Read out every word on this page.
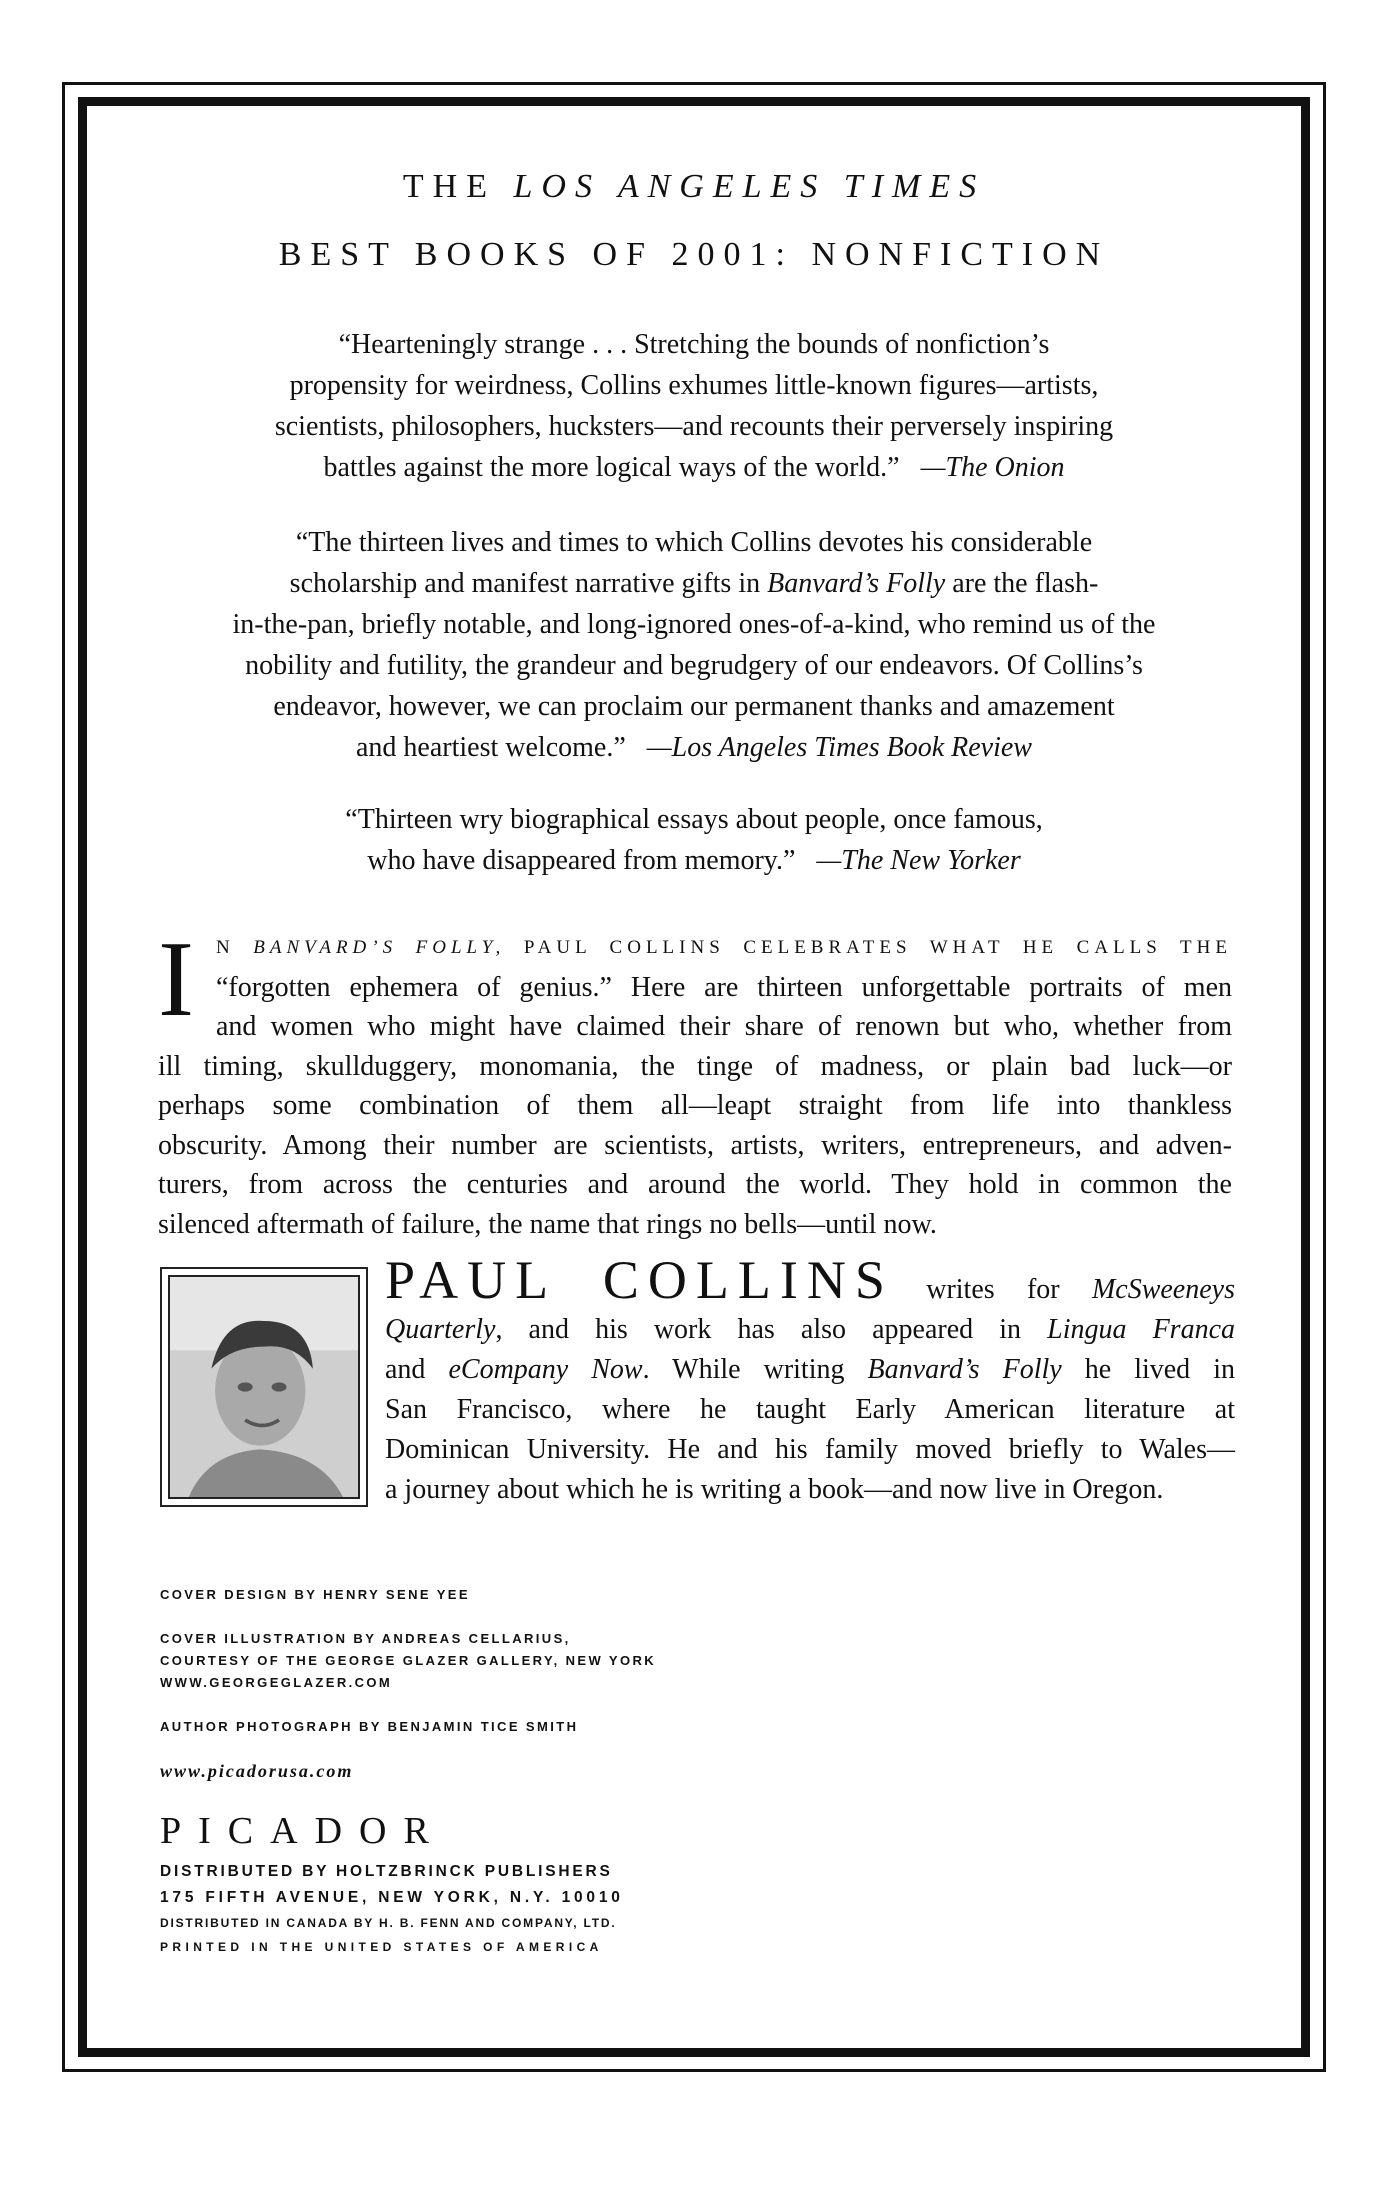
THE LOS ANGELES TIMES
BEST BOOKS OF 2001: NONFICTION
“Hearteningly strange . . . Stretching the bounds of nonfiction’s
propensity for weirdness, Collins exhumes little-known figures—artists,
scientists, philosophers, hucksters—and recounts their perversely inspiring
battles against the more logical ways of the world.” —The Onion
“The thirteen lives and times to which Collins devotes his considerable
scholarship and manifest narrative gifts in Banvard’s Folly are the flash-
in-the-pan, briefly notable, and long-ignored ones-of-a-kind, who remind us of the
nobility and futility, the grandeur and begrudgery of our endeavors. Of Collins’s
endeavor, however, we can proclaim our permanent thanks and amazement
and heartiest welcome.” —Los Angeles Times Book Review
“Thirteen wry biographical essays about people, once famous,
who have disappeared from memory.” —The New Yorker
I	N BANVARD’S FOLLY, PAUL COLLINS CELEBRATES WHAT HE CALLS THE
“forgotten ephemera of genius.” Here are thirteen unforgettable portraits of men
and women who might have claimed their share of renown but who, whether from
ill timing, skullduggery, monomania, the tinge of madness, or plain bad luck—or
perhaps some combination of them all—leapt straight from life into thankless
obscurity. Among their number are scientists, artists, writers, entrepreneurs, and adven-
turers, from across the centuries and around the world. They hold in common the
silenced aftermath of failure, the name that rings no bells—until now.
PAUL COLLINS writes for McSweeneys
Quarterly, and his work has also appeared in Lingua Franca
and eCompany Now. While writing Banvard’s Folly he lived in
San Francisco, where he taught Early American literature at
Dominican University. He and his family moved briefly to Wales—
a journey about which he is writing a book—and now live in Oregon.

COVER DESIGN BY HENRY SENE YEE

COVER ILLUSTRATION BY ANDREAS CELLARIUS,
COURTESY OF THE GEORGE GLAZER GALLERY, NEW YORK
WWW.GEORGEGLAZER.COM

AUTHOR PHOTOGRAPH BY BENJAMIN TICE SMITH

www.picadorusa.com

PICADOR
DISTRIBUTED BY HOLTZBRINCK PUBLISHERS
175 FIFTH AVENUE, NEW YORK, N.Y. 10010
DISTRIBUTED IN CANADA BY H. B. FENN AND COMPANY, LTD.
PRINTED IN THE UNITED STATES OF AMERICA
